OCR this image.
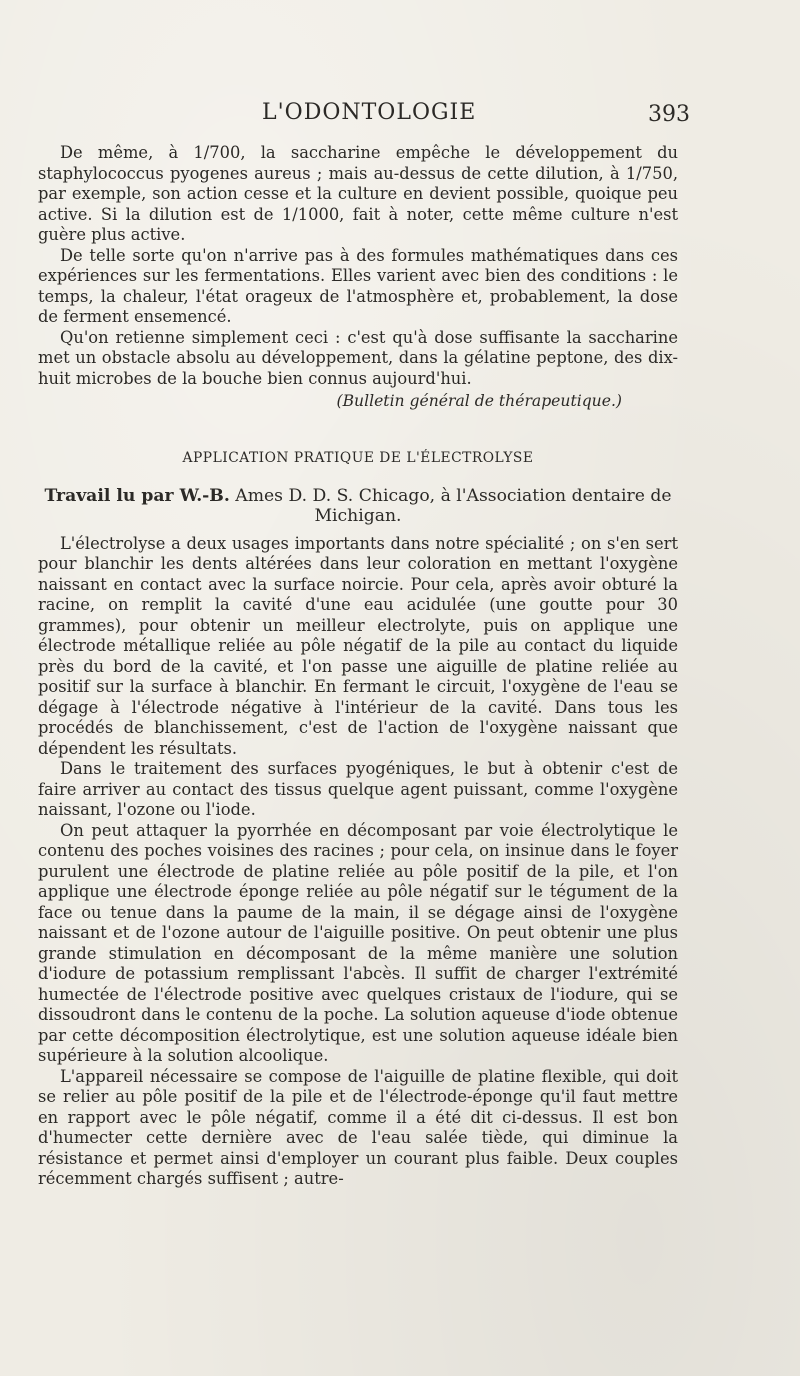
L'ODONTOLOGIE	393

De même, à 1/700, la saccharine empêche le développement du staphylococcus pyogenes aureus ; mais au-dessus de cette dilution, à 1/750, par exemple, son action cesse et la culture en devient possible, quoique peu active. Si la dilution est de 1/1000, fait à noter, cette même culture n'est guère plus active.

De telle sorte qu'on n'arrive pas à des formules mathématiques dans ces expériences sur les fermentations. Elles varient avec bien des conditions : le temps, la chaleur, l'état orageux de l'atmosphère et, probablement, la dose de ferment ensemencé.

Qu'on retienne simplement ceci : c'est qu'à dose suffisante la saccharine met un obstacle absolu au développement, dans la gélatine peptone, des dix-huit microbes de la bouche bien connus aujourd'hui.

(Bulletin général de thérapeutique.)
APPLICATION PRATIQUE DE L'ÉLECTROLYSE
Travail lu par W.-B. Ames D. D. S. Chicago, à l'Association dentaire de Michigan.

L'électrolyse a deux usages importants dans notre spécialité ; on s'en sert pour blanchir les dents altérées dans leur coloration en mettant l'oxygène naissant en contact avec la surface noircie. Pour cela, après avoir obturé la racine, on remplit la cavité d'une eau acidulée (une goutte pour 30 grammes), pour obtenir un meilleur electrolyte, puis on applique une électrode métallique reliée au pôle négatif de la pile au contact du liquide près du bord de la cavité, et l'on passe une aiguille de platine reliée au positif sur la surface à blanchir. En fermant le circuit, l'oxygène de l'eau se dégage à l'électrode négative à l'intérieur de la cavité. Dans tous les procédés de blanchissement, c'est de l'action de l'oxygène naissant que dépendent les résultats.

Dans le traitement des surfaces pyogéniques, le but à obtenir c'est de faire arriver au contact des tissus quelque agent puissant, comme l'oxygène naissant, l'ozone ou l'iode.

On peut attaquer la pyorrhée en décomposant par voie électrolytique le contenu des poches voisines des racines ; pour cela, on insinue dans le foyer purulent une électrode de platine reliée au pôle positif de la pile, et l'on applique une électrode éponge reliée au pôle négatif sur le tégument de la face ou tenue dans la paume de la main, il se dégage ainsi de l'oxygène naissant et de l'ozone autour de l'aiguille positive. On peut obtenir une plus grande stimulation en décomposant de la même manière une solution d'iodure de potassium remplissant l'abcès. Il suffit de charger l'extrémité humectée de l'électrode positive avec quelques cristaux de l'iodure, qui se dissoudront dans le contenu de la poche. La solution aqueuse d'iode obtenue par cette décomposition électrolytique, est une solution aqueuse idéale bien supérieure à la solution alcoolique.

L'appareil nécessaire se compose de l'aiguille de platine flexible, qui doit se relier au pôle positif de la pile et de l'électrode-éponge qu'il faut mettre en rapport avec le pôle négatif, comme il a été dit ci-dessus. Il est bon d'humecter cette dernière avec de l'eau salée tiède, qui diminue la résistance et permet ainsi d'employer un courant plus faible. Deux couples récemment chargés suffisent ; autre-
